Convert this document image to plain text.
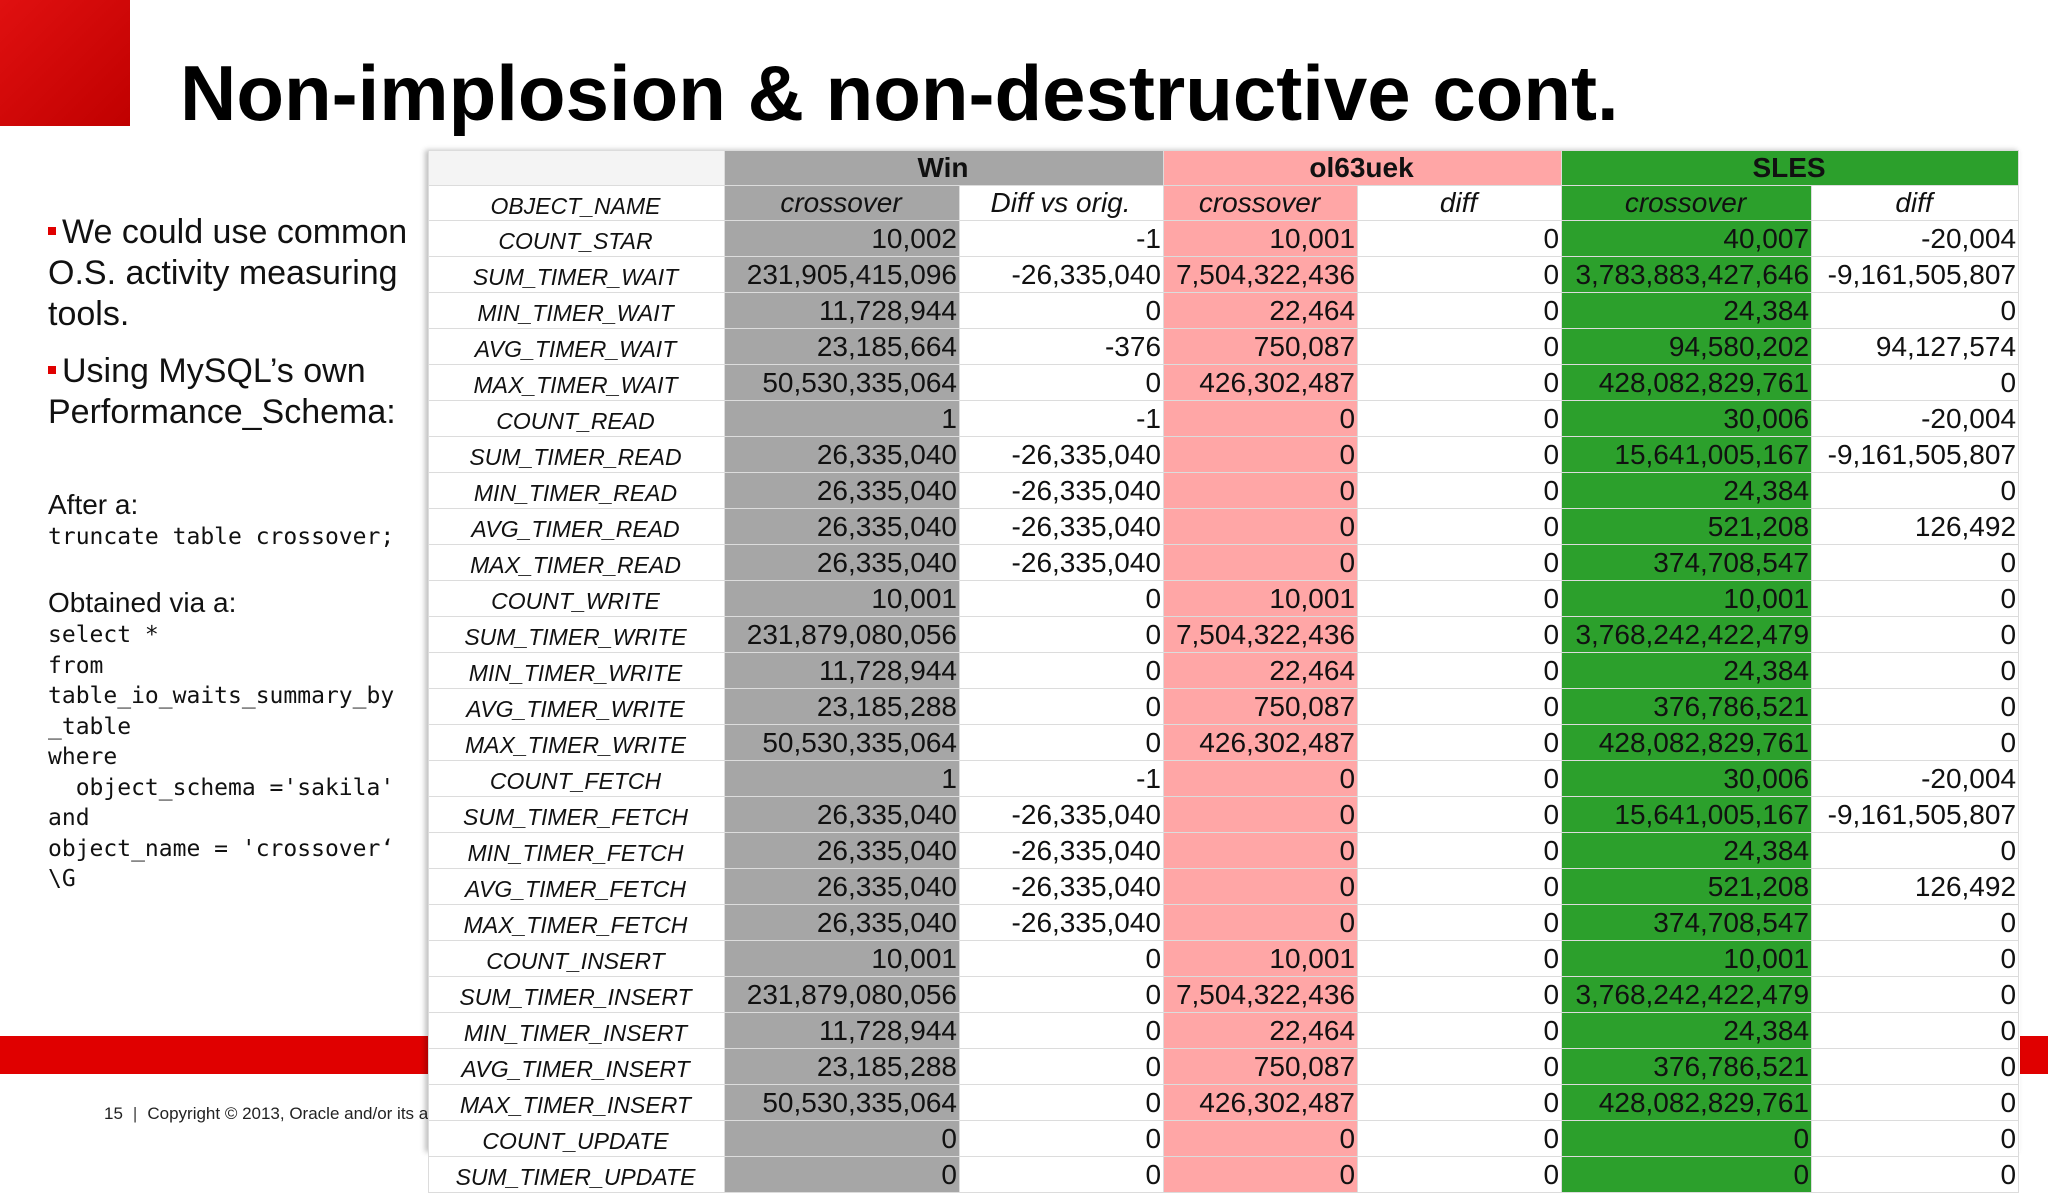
Non-implosion & non-destructive cont.
We could use common O.S. activity measuring tools.
Using MySQL’s own Performance_Schema:
After a:
truncate table crossover;
Obtained via a:
select *
from
table_io_waits_summary_by
_table
where
object_schema ='sakila'
and
object_name = 'crossover‘
\G
15 | Copyright © 2013, Oracle and/or its a
	Win		ol63uek		SLES	
OBJECT_NAME	crossover	Diff vs orig.	crossover	diff	crossover	diff
COUNT_STAR	10,002	-1	10,001	0	40,007	-20,004
SUM_TIMER_WAIT	231,905,415,096	-26,335,040	7,504,322,436	0	3,783,883,427,646	-9,161,505,807
MIN_TIMER_WAIT	11,728,944	0	22,464	0	24,384	0
AVG_TIMER_WAIT	23,185,664	-376	750,087	0	94,580,202	94,127,574
MAX_TIMER_WAIT	50,530,335,064	0	426,302,487	0	428,082,829,761	0
COUNT_READ	1	-1	0	0	30,006	-20,004
SUM_TIMER_READ	26,335,040	-26,335,040	0	0	15,641,005,167	-9,161,505,807
MIN_TIMER_READ	26,335,040	-26,335,040	0	0	24,384	0
AVG_TIMER_READ	26,335,040	-26,335,040	0	0	521,208	126,492
MAX_TIMER_READ	26,335,040	-26,335,040	0	0	374,708,547	0
COUNT_WRITE	10,001	0	10,001	0	10,001	0
SUM_TIMER_WRITE	231,879,080,056	0	7,504,322,436	0	3,768,242,422,479	0
MIN_TIMER_WRITE	11,728,944	0	22,464	0	24,384	0
AVG_TIMER_WRITE	23,185,288	0	750,087	0	376,786,521	0
MAX_TIMER_WRITE	50,530,335,064	0	426,302,487	0	428,082,829,761	0
COUNT_FETCH	1	-1	0	0	30,006	-20,004
SUM_TIMER_FETCH	26,335,040	-26,335,040	0	0	15,641,005,167	-9,161,505,807
MIN_TIMER_FETCH	26,335,040	-26,335,040	0	0	24,384	0
AVG_TIMER_FETCH	26,335,040	-26,335,040	0	0	521,208	126,492
MAX_TIMER_FETCH	26,335,040	-26,335,040	0	0	374,708,547	0
COUNT_INSERT	10,001	0	10,001	0	10,001	0
SUM_TIMER_INSERT	231,879,080,056	0	7,504,322,436	0	3,768,242,422,479	0
MIN_TIMER_INSERT	11,728,944	0	22,464	0	24,384	0
AVG_TIMER_INSERT	23,185,288	0	750,087	0	376,786,521	0
MAX_TIMER_INSERT	50,530,335,064	0	426,302,487	0	428,082,829,761	0
COUNT_UPDATE	0	0	0	0	0	0
SUM_TIMER_UPDATE	0	0	0	0	0	0
